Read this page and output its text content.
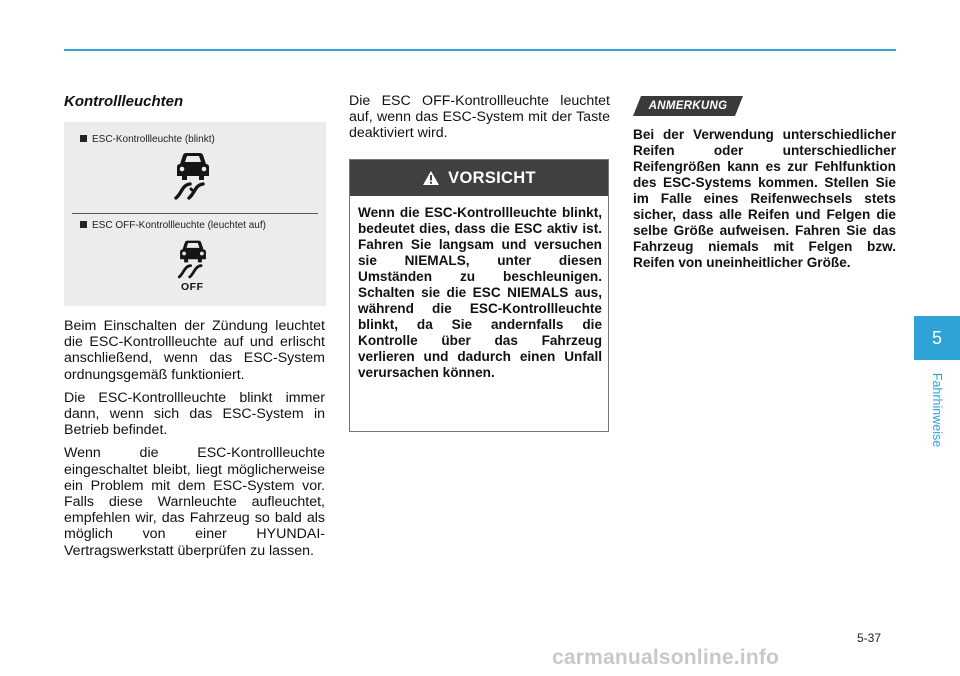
Kontrollleuchten
ESC-Kontrollleuchte (blinkt)
ESC OFF-Kontrollleuchte (leuchtet auf)
OFF

Beim Einschalten der Zündung leuchtet die ESC-Kontrollleuchte auf und erlischt anschließend, wenn das ESC-System ordnungsgemäß funktioniert.

Die ESC-Kontrollleuchte blinkt immer dann, wenn sich das ESC-System in Betrieb befindet.

Wenn die ESC-Kontrollleuchte eingeschaltet bleibt, liegt möglicherweise ein Problem mit dem ESC-System vor. Falls diese Warnleuchte aufleuchtet, empfehlen wir, das Fahrzeug so bald als möglich von einer HYUNDAI-Vertragswerkstatt überprüfen zu lassen.

Die ESC OFF-Kontrollleuchte leuchtet auf, wenn das ESC-System mit der Taste deaktiviert wird.

VORSICHT

Wenn die ESC-Kontrollleuchte blinkt, bedeutet dies, dass die ESC aktiv ist. Fahren Sie langsam und versuchen sie NIEMALS, unter diesen Umständen zu beschleunigen. Schalten sie die ESC NIEMALS aus, während die ESC-Kontrollleuchte blinkt, da Sie andernfalls die Kontrolle über das Fahrzeug verlieren und dadurch einen Unfall verursachen können.

ANMERKUNG

Bei der Verwendung unterschiedlicher Reifen oder unterschiedlicher Reifengrößen kann es zur Fehlfunktion des ESC-Systems kommen. Stellen Sie im Falle eines Reifenwechsels stets sicher, dass alle Reifen und Felgen die selbe Größe aufweisen. Fahren Sie das Fahrzeug niemals mit Felgen bzw. Reifen von uneinheitlicher Größe.

5
Fahrhinweise
5-37
carmanualsonline.info
